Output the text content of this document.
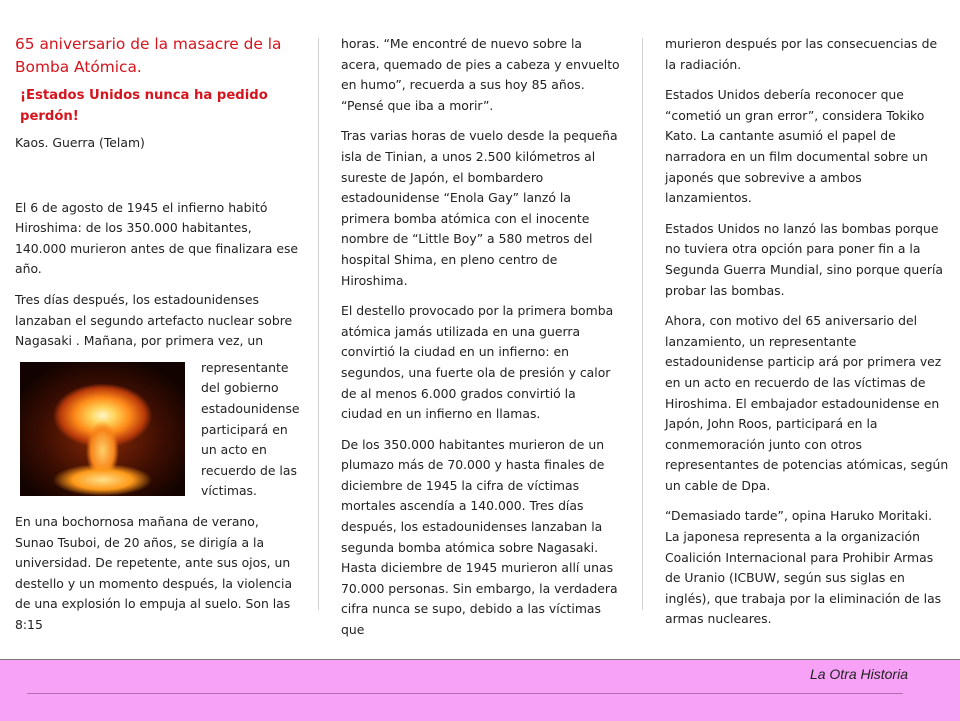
65 aniversario de la masacre de la Bomba Atómica.
¡Estados Unidos nunca ha pedido perdón!

Kaos. Guerra (Telam)

El 6 de agosto de 1945 el infierno habitó Hiroshima: de los 350.000 habitantes, 140.000 murieron antes de que finalizara ese año.

Tres días después, los estadounidenses lanzaban el segundo artefacto nuclear sobre Nagasaki . Mañana, por primera vez, un

representante del gobierno estadounidense participará en un acto en recuerdo de las víctimas.

En una bochornosa mañana de verano, Sunao Tsuboi, de 20 años, se dirigía a la universidad. De repetente, ante sus ojos, un destello y un momento después, la violencia de una explosión lo empuja al suelo. Son las 8:15

horas. “Me encontré de nuevo sobre la acera, quemado de pies a cabeza y envuelto en humo”, recuerda a sus hoy 85 años. “Pensé que iba a morir”.

Tras varias horas de vuelo desde la pequeña isla de Tinian, a unos 2.500 kilómetros al sureste de Japón, el bombardero estadounidense “Enola Gay” lanzó la primera bomba atómica con el inocente nombre de “Little Boy” a 580 metros del hospital Shima, en pleno centro de Hiroshima.

El destello provocado por la primera bomba atómica jamás utilizada en una guerra convirtió la ciudad en un infierno: en segundos, una fuerte ola de presión y calor de al menos 6.000 grados convirtió la ciudad en un infierno en llamas.

De los 350.000 habitantes murieron de un plumazo más de 70.000 y hasta finales de diciembre de 1945 la cifra de víctimas mortales ascendía a 140.000. Tres días después, los estadounidenses lanzaban la segunda bomba atómica sobre Nagasaki. Hasta diciembre de 1945 murieron allí unas 70.000 personas. Sin embargo, la verdadera cifra nunca se supo, debido a las víctimas que

murieron después por las consecuencias de la radiación.

Estados Unidos debería reconocer que “cometió un gran error”, considera Tokiko Kato. La cantante asumió el papel de narradora en un film documental sobre un japonés que sobrevive a ambos lanzamientos.

Estados Unidos no lanzó las bombas porque no tuviera otra opción para poner fin a la Segunda Guerra Mundial, sino porque quería probar las bombas.

Ahora, con motivo del 65 aniversario del lanzamiento, un representante estadounidense particip ará por primera vez en un acto en recuerdo de las víctimas de Hiroshima. El embajador estadounidense en Japón, John Roos, participará en la conmemoración junto con otros representantes de potencias atómicas, según un cable de Dpa.

“Demasiado tarde”, opina Haruko Moritaki. La japonesa representa a la organización Coalición Internacional para Prohibir Armas de Uranio (ICBUW, según sus siglas en inglés), que trabaja por la eliminación de las armas nucleares.

La Otra Historia
